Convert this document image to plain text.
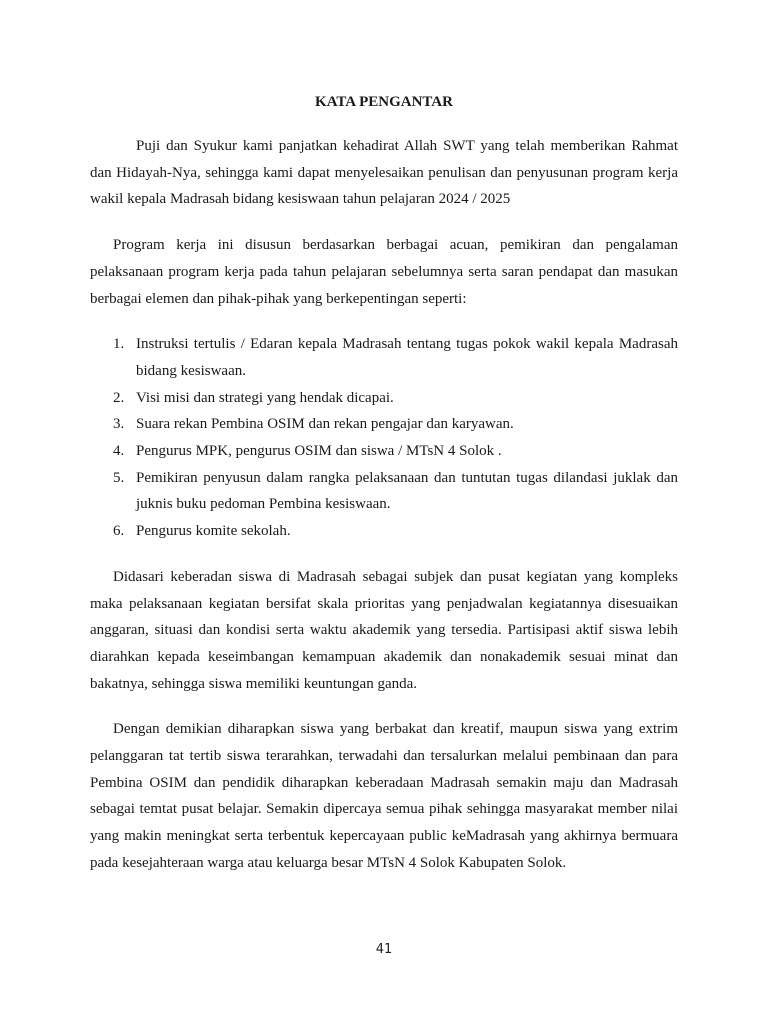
KATA PENGANTAR

Puji dan Syukur kami panjatkan kehadirat Allah SWT yang telah memberikan Rahmat dan Hidayah-Nya, sehingga kami dapat menyelesaikan penulisan dan penyusunan program kerja wakil kepala Madrasah bidang kesiswaan tahun pelajaran 2024 / 2025

Program kerja ini disusun berdasarkan berbagai acuan, pemikiran dan pengalaman pelaksanaan program kerja pada tahun pelajaran sebelumnya serta saran pendapat dan masukan berbagai elemen dan pihak-pihak yang berkepentingan seperti:

1. Instruksi tertulis / Edaran kepala Madrasah tentang tugas pokok wakil kepala Madrasah bidang kesiswaan.
2. Visi misi dan strategi yang hendak dicapai.
3. Suara rekan Pembina OSIM dan rekan pengajar dan karyawan.
4. Pengurus MPK, pengurus OSIM dan siswa / MTsN 4 Solok .
5. Pemikiran penyusun dalam rangka pelaksanaan dan tuntutan tugas dilandasi juklak dan juknis buku pedoman Pembina kesiswaan.
6. Pengurus komite sekolah.

Didasari keberadan siswa di Madrasah sebagai subjek dan pusat kegiatan yang kompleks maka pelaksanaan kegiatan bersifat skala prioritas yang penjadwalan kegiatannya disesuaikan anggaran, situasi dan kondisi serta waktu akademik yang tersedia. Partisipasi aktif siswa lebih diarahkan kepada keseimbangan kemampuan akademik dan nonakademik sesuai minat dan bakatnya, sehingga siswa memiliki keuntungan ganda.

Dengan demikian diharapkan siswa yang berbakat dan kreatif, maupun siswa yang extrim pelanggaran tat tertib siswa terarahkan, terwadahi dan tersalurkan melalui pembinaan dan para Pembina OSIM dan pendidik diharapkan keberadaan Madrasah semakin maju dan Madrasah sebagai temtat pusat belajar. Semakin dipercaya semua pihak sehingga masyarakat member nilai yang makin meningkat serta terbentuk kepercayaan public keMadrasah yang akhirnya bermuara pada kesejahteraan warga atau keluarga besar MTsN 4 Solok Kabupaten Solok.

41
